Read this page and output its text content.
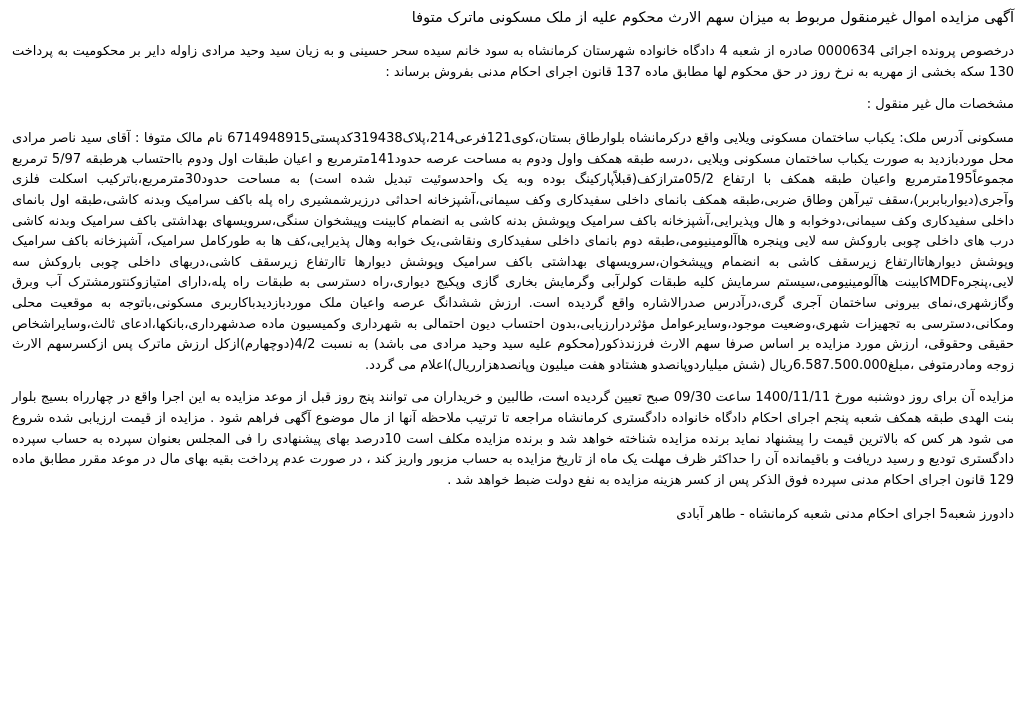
آگهی مزایده اموال غیرمنقول مربوط به میزان سهم الارث محکوم علیه از ملک مسکونی ماترک متوفا

درخصوص پرونده اجرائی 0000634 صادره از شعبه 4 دادگاه خانواده شهرستان کرمانشاه به سود خانم سیده سحر حسینی و به زیان سید وحید مرادی زاوله دایر بر محکومیت به پرداخت 130 سکه بخشی از مهریه به نرخ روز در حق محکوم لها مطابق ماده 137 قانون اجرای احکام مدنی بفروش برساند :

مشخصات مال غیر منقول :

مسکونی آدرس ملک: یکباب ساختمان مسکونی ویلایی واقع درکرمانشاه بلوارطاق بستان،کوی121فرعی214،پلاک319438کدپستی6714948915 نام مالک متوفا : آقای سید ناصر مرادی محل موردبازدید به صورت یکباب ساختمان مسکونی ویلایی ،درسه طبقه همکف واول ودوم به مساحت عرصه حدود141مترمربع و اعیان طبقات اول ودوم بااحتساب هرطبقه 5/97 ترمربع مجموعاً195مترمربع واعیان طبقه همکف با ارتفاع 05/2مترازکف(قبلاًپارکینگ بوده وبه یک واحدسوئیت تبدیل شده است) به مساحت حدود30مترمربع،باترکیب اسکلت فلزی وآجری(دیواربابربر)،سقف تیرآهن وطاق ضربی،طبقه همکف بانمای داخلی سفیدکاری وکف سیمانی،آشپزخانه احداثی درزیرشمشیری راه پله باکف سرامیک وبدنه کاشی،طبقه اول بانمای داخلی سفیدکاری وکف سیمانی،دوخوابه و هال وپذیرایی،آشپزخانه باکف سرامیک وپوشش بدنه کاشی به انضمام کابینت وپیشخوان سنگی،سرویسهای بهداشتی باکف سرامیک وبدنه کاشی درب های داخلی چوبی باروکش سه لایی وپنجره هاآلومینیومی،طبقه دوم بانمای داخلی سفیدکاری ونقاشی،یک خوابه وهال پذیرایی،کف ها به طورکامل سرامیک، آشپزخانه باکف سرامیک وپوشش دیوارهاتاارتفاع زیرسقف کاشی به انضمام وپیشخوان،سرویسهای بهداشتی باکف سرامیک وپوشش دیوارها تاارتفاع زیرسقف کاشی،دربهای داخلی چوبی باروکش سه لایی،پنجرهMDFکابینت هاآلومینیومی،سیستم سرمایش کلیه طبقات کولرآبی وگرمایش بخاری گازی وپکیج دیواری،راه دسترسی به طبقات راه پله،دارای امتیازوکنتورمشترک آب وبرق وگازشهری،نمای بیرونی ساختمان آجری گری،درآدرس صدرالاشاره واقع گردیده است. ارزش ششدانگ عرصه واعیان ملک موردبازدیدباکاربری مسکونی،باتوجه به موقعیت محلی ومکانی،دسترسی به تجهیزات شهری،وضعیت موجود،وسایرعوامل مؤثردرارزیابی،بدون احتساب دیون احتمالی به شهرداری وکمیسیون ماده صدشهرداری،بانکها،ادعای ثالث،وسایراشخاص حقیقی وحقوقی، ارزش مورد مزایده بر اساس صرفا سهم الارث فرزندذکور(محکوم علیه سید وحید مرادی می باشد) به نسبت 4/2(دوچهارم)ازکل ارزش ماترک پس ازکسرسهم الارث زوجه ومادرمتوفی ،مبلغ6.587.500.000ریال (شش میلیاردوپانصدو هشتادو هفت میلیون وپانصدهزارریال)اعلام می گردد.

مزایده آن برای روز دوشنبه مورخ 1400/11/11 ساعت 09/30 صبح تعیین گردیده است، طالبین و خریداران می توانند پنج روز قبل از موعد مزایده به این اجرا واقع در چهارراه بسیج بلوار بنت الهدی طبقه همکف شعبه پنجم اجرای احکام دادگاه خانواده دادگستری کرمانشاه مراجعه تا ترتیب ملاحظه آنها از مال موضوع آگهی فراهم شود . مزایده از قیمت ارزیابی شده شروع می شود هر کس که بالاترین قیمت را پیشنهاد نماید برنده مزایده شناخته خواهد شد و برنده مزایده مکلف است 10درصد بهای پیشنهادی را فی المجلس بعنوان سپرده به حساب سپرده دادگستری توديع و رسید دریافت و باقیمانده آن را حداکثر ظرف مهلت یک ماه از تاریخ مزایده به حساب مزبور واریز کند ، در صورت عدم پرداخت بقیه بهای مال در موعد مقرر مطابق ماده 129 قانون اجرای احکام مدنی سپرده فوق الذکر پس از کسر هزینه مزایده به نفع دولت ضبط خواهد شد .

دادورز شعبه5 اجرای احکام مدنی شعبه کرمانشاه - طاهر آبادی
